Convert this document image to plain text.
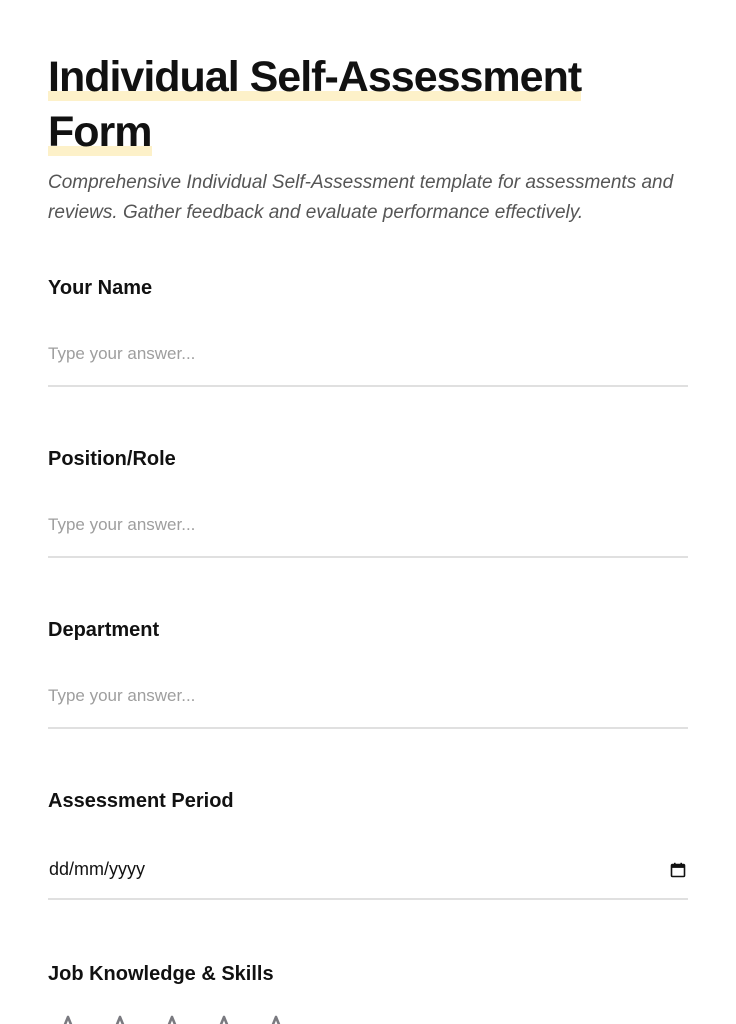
Individual Self-Assessment Form

Comprehensive Individual Self-Assessment template for assessments and reviews. Gather feedback and evaluate performance effectively.

Your Name
Type your answer...
Position/Role
Type your answer...
Department
Type your answer...
Assessment Period
dd/mm/yyyy
Job Knowledge & Skills
